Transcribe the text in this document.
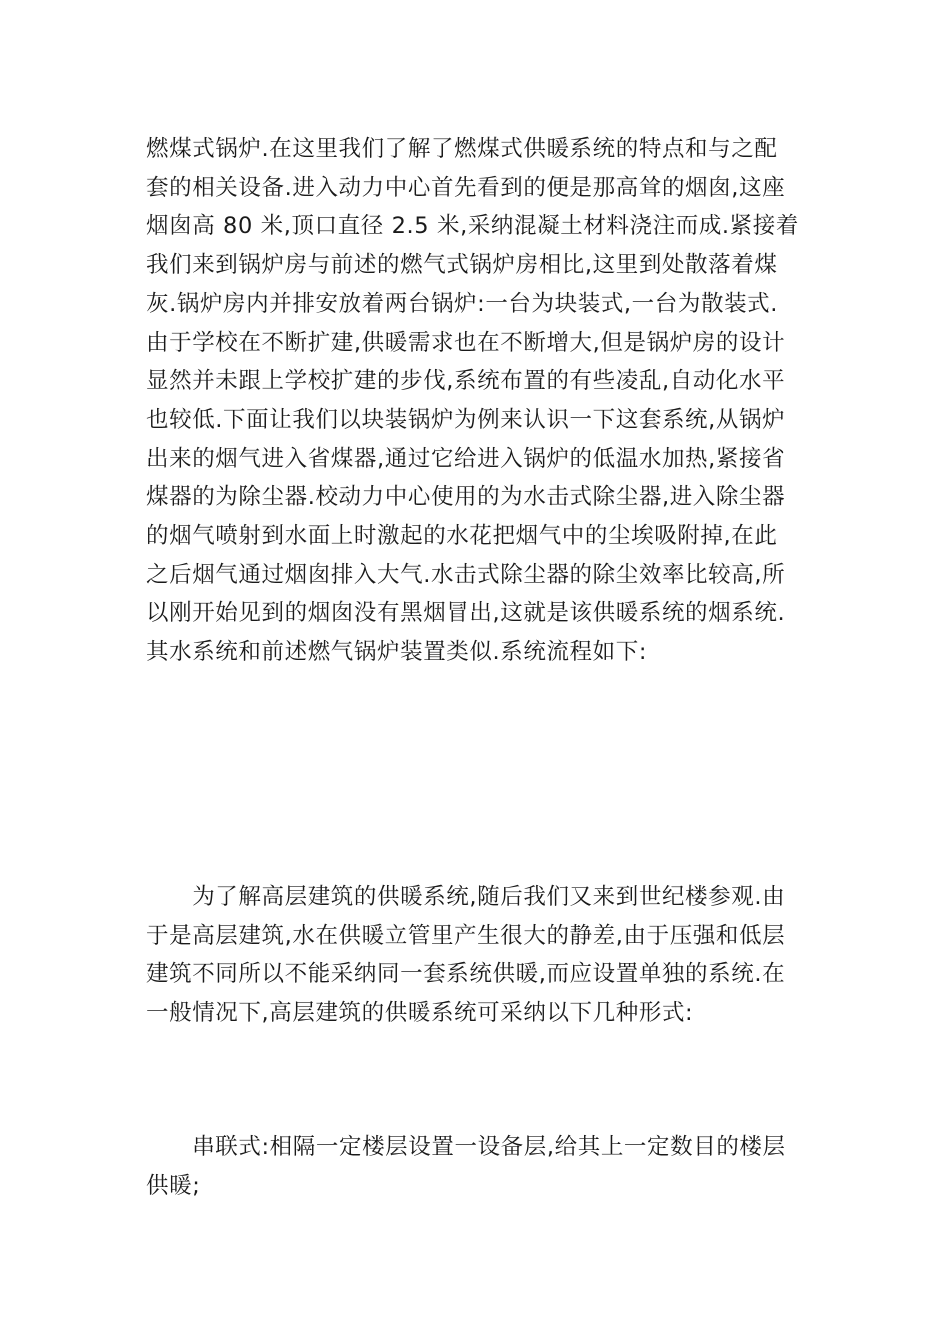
燃煤式锅炉.在这里我们了解了燃煤式供暖系统的特点和与之配
套的相关设备.进入动力中心首先看到的便是那高耸的烟囱,这座
烟囱高 80 米,顶口直径 2.5 米,采纳混凝土材料浇注而成.紧接着
我们来到锅炉房与前述的燃气式锅炉房相比,这里到处散落着煤
灰.锅炉房内并排安放着两台锅炉:一台为块装式,一台为散装式.
由于学校在不断扩建,供暖需求也在不断增大,但是锅炉房的设计
显然并未跟上学校扩建的步伐,系统布置的有些凌乱,自动化水平
也较低.下面让我们以块装锅炉为例来认识一下这套系统,从锅炉
出来的烟气进入省煤器,通过它给进入锅炉的低温水加热,紧接省
煤器的为除尘器.校动力中心使用的为水击式除尘器,进入除尘器
的烟气喷射到水面上时激起的水花把烟气中的尘埃吸附掉,在此
之后烟气通过烟囱排入大气.水击式除尘器的除尘效率比较高,所
以刚开始见到的烟囱没有黑烟冒出,这就是该供暖系统的烟系统.
其水系统和前述燃气锅炉装置类似.系统流程如下:

　　为了解高层建筑的供暖系统,随后我们又来到世纪楼参观.由
于是高层建筑,水在供暖立管里产生很大的静差,由于压强和低层
建筑不同所以不能采纳同一套系统供暖,而应设置单独的系统.在
一般情况下,高层建筑的供暖系统可采纳以下几种形式:

　　串联式:相隔一定楼层设置一设备层,给其上一定数目的楼层
供暖;
